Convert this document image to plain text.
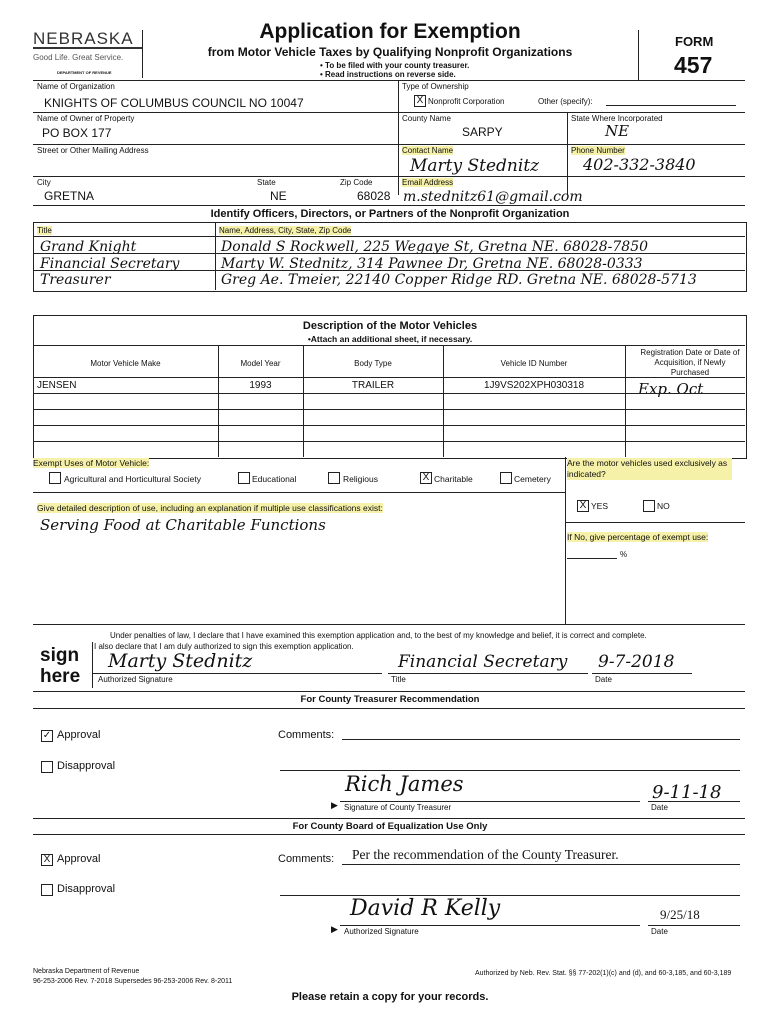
NEBRASKA
Good Life. Great Service.
DEPARTMENT OF REVENUE
Application for Exemption
from Motor Vehicle Taxes by Qualifying Nonprofit Organizations
• To be filed with your county treasurer.
• Read instructions on reverse side.
FORM
457
Name of Organization
KNIGHTS OF COLUMBUS COUNCIL NO 10047
Type of Ownership
X Nonprofit Corporation	Other (specify):
Name of Owner of Property
PO BOX 177
County Name
SARPY
State Where Incorporated
NE
Street or Other Mailing Address	Contact Name
Marty Stednitz
Phone Number
402-332-3840
City
GRETNA
State
NE
Zip Code
68028
Email Address
m.stednitz61@gmail.com
Identify Officers, Directors, or Partners of the Nonprofit Organization
Title	Name, Address, City, State, Zip Code
Grand Knight	Donald S Rockwell, 225 Wegaye St, Gretna NE. 68028-7850
Financial Secretary	Marty W. Stednitz, 314 Pawnee Dr, Gretna NE. 68028-0333
Treasurer	Greg Ae. Tmeier, 22140 Copper Ridge RD. Gretna NE. 68028-5713
Description of the Motor Vehicles
•Attach an additional sheet, if necessary.
Motor Vehicle Make	Model Year	Body Type	Vehicle ID Number
Registration Date or Date of Acquisition, if Newly Purchased
JENSEN	1993	TRAILER	1J9VS202XPH030318	Exp. Oct
Exempt Uses of Motor Vehicle:
Agricultural and Horticultural Society	Educational	Religious	X Charitable	Cemetery
Are the motor vehicles used exclusively as indicated?
X YES	NO
If No, give percentage of exempt use:
%
Give detailed description of use, including an explanation if multiple use classifications exist:
Serving Food at Charitable Functions
Under penalties of law, I declare that I have examined this exemption application and, to the best of my knowledge and belief, it is correct and complete.
I also declare that I am duly authorized to sign this exemption application.
sign
here
Marty Stednitz
Authorized Signature
Financial Secretary
Title
9-7-2018
Date
For County Treasurer Recommendation
✓ Approval
Disapproval
Comments:
Rich James
▶ Signature of County Treasurer
9-11-18
Date
For County Board of Equalization Use Only
X Approval
Disapproval
Comments: Per the recommendation of the County Treasurer.
David R Kelly
▶ Authorized Signature
9/25/18
Date
Nebraska Department of Revenue
96-253-2006 Rev. 7-2018 Supersedes 96-253-2006 Rev. 8-2011
Authorized by Neb. Rev. Stat. §§ 77-202(1)(c) and (d), and 60-3,185, and 60-3,189
Please retain a copy for your records.
